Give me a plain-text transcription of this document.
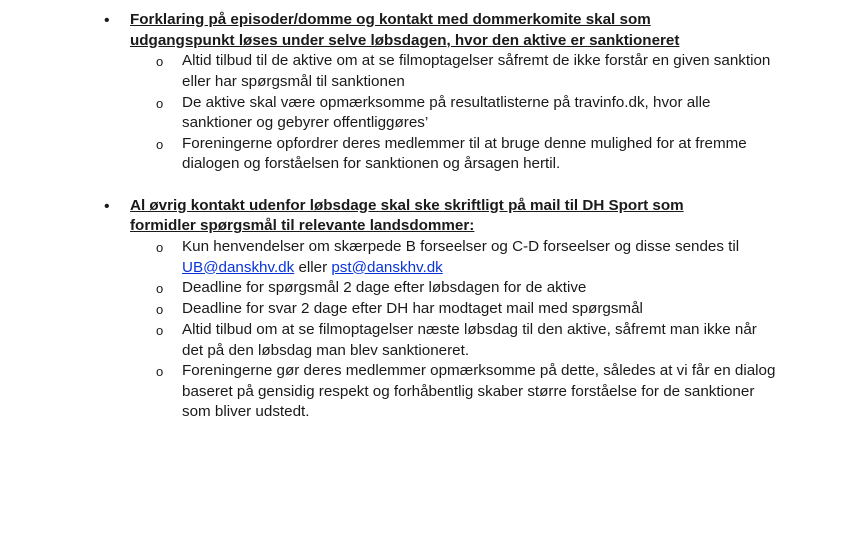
• Forklaring på episoder/domme og kontakt med dommerkomite skal som udgangspunkt løses under selve løbsdagen, hvor den aktive er sanktioneret

o Altid tilbud til de aktive om at se filmoptagelser såfremt de ikke forstår en given sanktion eller har spørgsmål til sanktionen
o De aktive skal være opmærksomme på resultatlisterne på travinfo.dk, hvor alle sanktioner og gebyrer offentliggøres’
o Foreningerne opfordrer deres medlemmer til at bruge denne mulighed for at fremme dialogen og forståelsen for sanktionen og årsagen hertil.
• Al øvrig kontakt udenfor løbsdage skal ske skriftligt på mail til DH Sport som formidler spørgsmål til relevante landsdommer:

o Kun henvendelser om skærpede B forseelser og C-D forseelser og disse sendes til UB@danskhv.dk eller pst@danskhv.dk
o Deadline for spørgsmål 2 dage efter løbsdagen for de aktive
o Deadline for svar 2 dage efter DH har modtaget mail med spørgsmål
o Altid tilbud om at se filmoptagelser næste løbsdag til den aktive, såfremt man ikke når det på den løbsdag man blev sanktioneret.
o Foreningerne gør deres medlemmer opmærksomme på dette, således at vi får en dialog baseret på gensidig respekt og forhåbentlig skaber større forståelse for de sanktioner som bliver udstedt.
